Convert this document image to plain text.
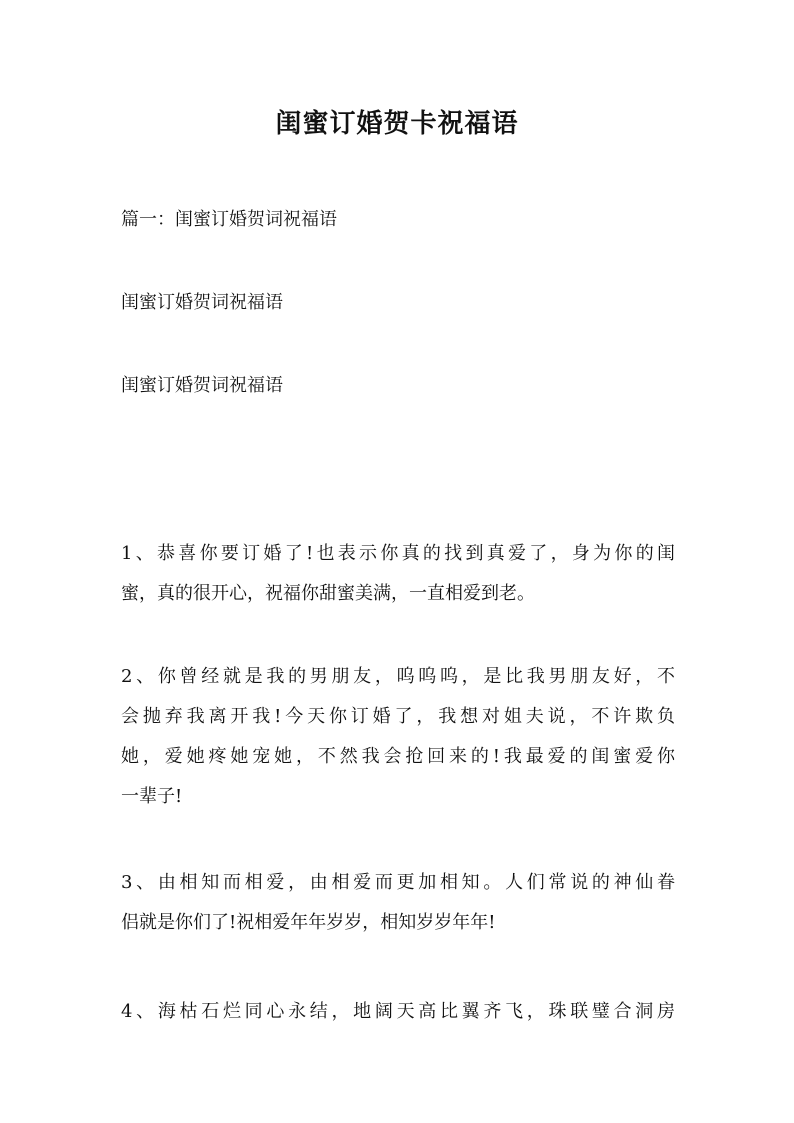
闺蜜订婚贺卡祝福语
篇一：闺蜜订婚贺词祝福语
闺蜜订婚贺词祝福语
闺蜜订婚贺词祝福语
1、恭喜你要订婚了!也表示你真的找到真爱了，身为你的闺
蜜，真的很开心，祝福你甜蜜美满，一直相爱到老。
2、你曾经就是我的男朋友，呜呜呜，是比我男朋友好，不
会抛弃我离开我!今天你订婚了，我想对姐夫说，不许欺负
她，爱她疼她宠她，不然我会抢回来的!我最爱的闺蜜爱你
一辈子!
3、由相知而相爱，由相爱而更加相知。人们常说的神仙眷
侣就是你们了!祝相爱年年岁岁，相知岁岁年年!
4、海枯石烂同心永结，地阔天高比翼齐飞，珠联璧合洞房
